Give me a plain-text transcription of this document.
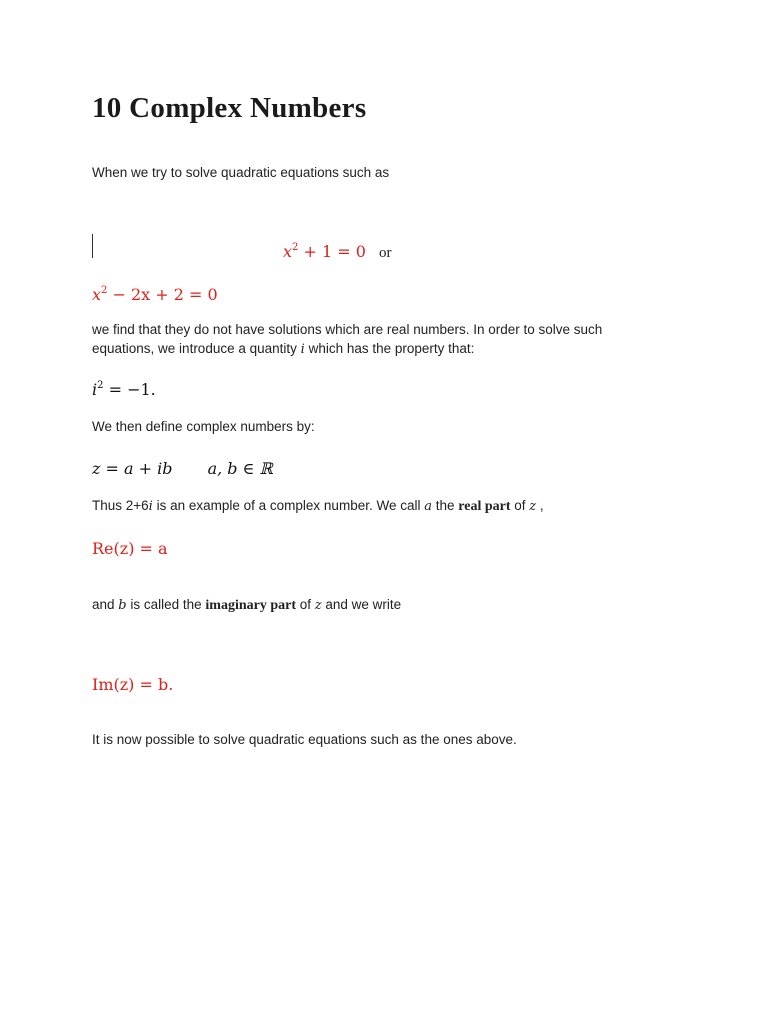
10 Complex Numbers
When we try to solve quadratic equations such as
$x^2 + 1 = 0$ or
$x^2 - 2x + 2 = 0$
we find that they do not have solutions which are real numbers. In order to solve such
equations, we introduce a quantity i which has the property that:
$i^2 = -1$.
We then define complex numbers by:
z = a + ib a, b ∈ ℝ
Thus 2+6i is an example of a complex number. We call a the real part of z ,
Re(z) = a
and b is called the imaginary part of z and we write
Im(z) = b.
It is now possible to solve quadratic equations such as the ones above.
